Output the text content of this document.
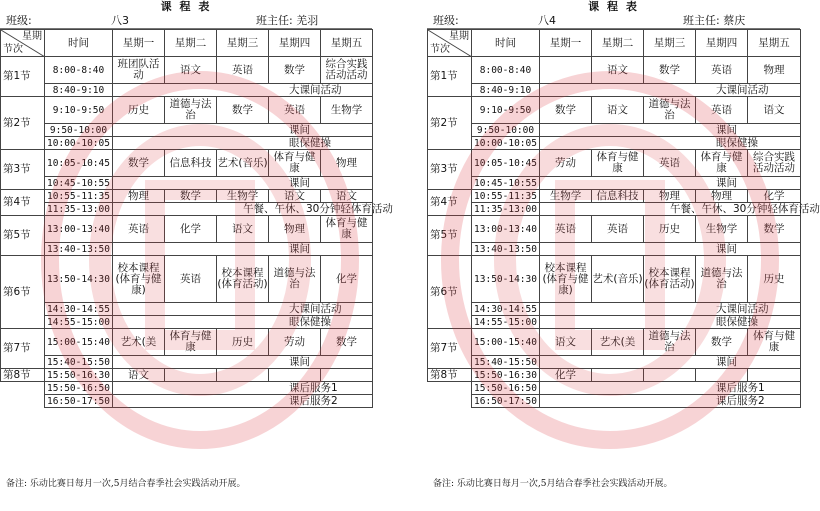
课 程 表
班级:	八3	班主任: 羌羽
星期
节次	时间	星期一	星期二	星期三	星期四	星期五
第1节	8:00-8:40	班团队活动	语文	英语	数学	综合实践活动活动
	8:40-9:10	大课间活动				
第2节	9:10-9:50	历史	道德与法治	数学	英语	生物学
	9:50-10:00	课间				
	10:00-10:05	眼保健操				
第3节	10:05-10:45	数学	信息科技	艺术(音乐)	体育与健康	物理
	10:45-10:55	课间				
第4节	10:55-11:35	物理	数学	生物学	语文	语文
	11:35-13:00	午餐、午休、30分钟轻体育活动				
第5节	13:00-13:40	英语	化学	语文	物理	体育与健康
	13:40-13:50	课间				
第6节	13:50-14:30	校本课程(体育与健康)	英语	校本课程(体育活动)	道德与法治	化学
	14:30-14:55	大课间活动				
	14:55-15:00	眼保健操				
第7节	15:00-15:40	艺术(美	体育与健康	历史	劳动	数学
	15:40-15:50	课间				
第8节	15:50-16:30	语文				
	15:50-16:50	课后服务1				
	16:50-17:50	课后服务2				
备注: 乐动比赛日每月一次,5月结合春季社会实践活动开展。
课 程 表
班级:	八4	班主任: 蔡庆
星期
节次	时间	星期一	星期二	星期三	星期四	星期五
第1节	8:00-8:40		语文	数学	英语	物理
	8:40-9:10	大课间活动				
第2节	9:10-9:50	数学	语文	道德与法治	英语	语文
	9:50-10:00	课间				
	10:00-10:05	眼保健操				
第3节	10:05-10:45	劳动	体育与健康	英语	体育与健康	综合实践活动活动
	10:45-10:55	课间				
第4节	10:55-11:35	生物学	信息科技	物理	物理	化学
	11:35-13:00	午餐、午休、30分钟轻体育活动				
第5节	13:00-13:40	英语	英语	历史	生物学	数学
	13:40-13:50	课间				
第6节	13:50-14:30	校本课程(体育与健康)	艺术(音乐)	校本课程(体育活动)	道德与法治	历史
	14:30-14:55	大课间活动				
	14:55-15:00	眼保健操				
第7节	15:00-15:40	语文	艺术(美	道德与法治	数学	体育与健康
	15:40-15:50	课间				
第8节	15:50-16:30	化学				
	15:50-16:50	课后服务1				
	16:50-17:50	课后服务2				
备注: 乐动比赛日每月一次,5月结合春季社会实践活动开展。
